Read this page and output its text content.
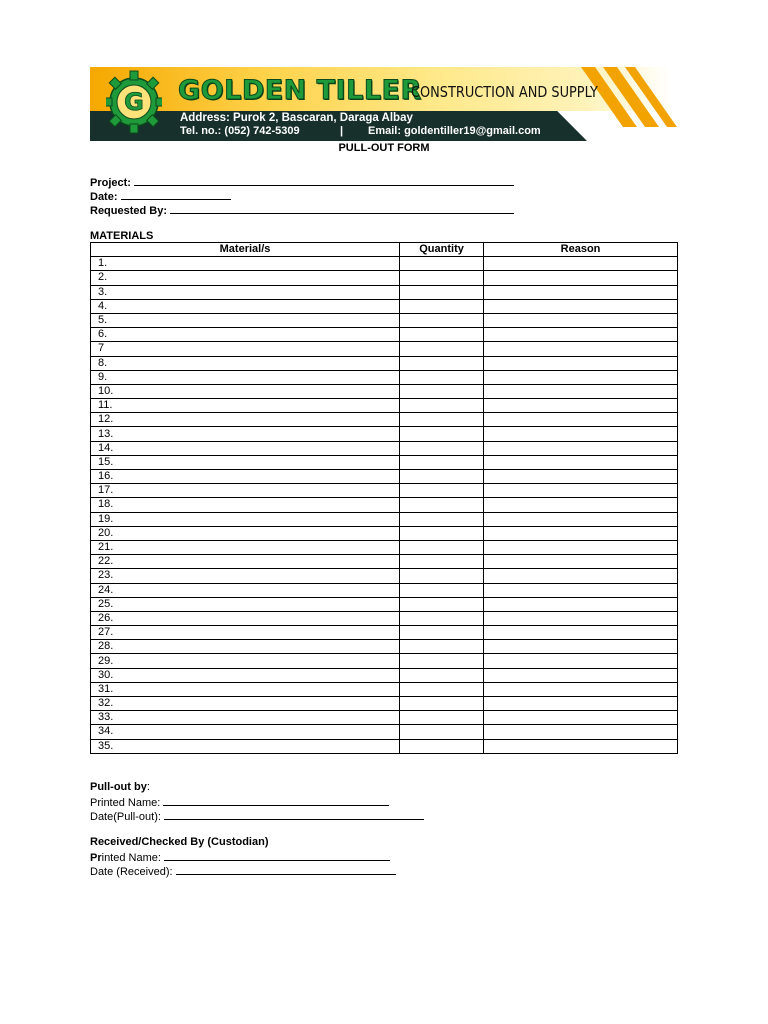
G GOLDEN TILLER
CONSTRUCTION AND SUPPLY
Address: Purok 2, Bascaran, Daraga Albay
Tel. no.: (052) 742-5309	| Email: goldentiller19@gmail.com
PULL-OUT FORM
Project:
Date:
Requested By:
MATERIALS
Material/s	Quantity	Reason
1.		
2.		
3.		
4.		
5.		
6.		
7		
8.		
9.		
10.		
11.		
12.		
13.		
14.		
15.		
16.		
17.		
18.		
19.		
20.		
21.		
22.		
23.		
24.		
25.		
26.		
27.		
28.		
29.		
30.		
31.		
32.		
33.		
34.		
35.		
Pull-out by:
Printed Name:
Date(Pull-out):
Received/Checked By (Custodian)
Printed Name:
Date (Received):
